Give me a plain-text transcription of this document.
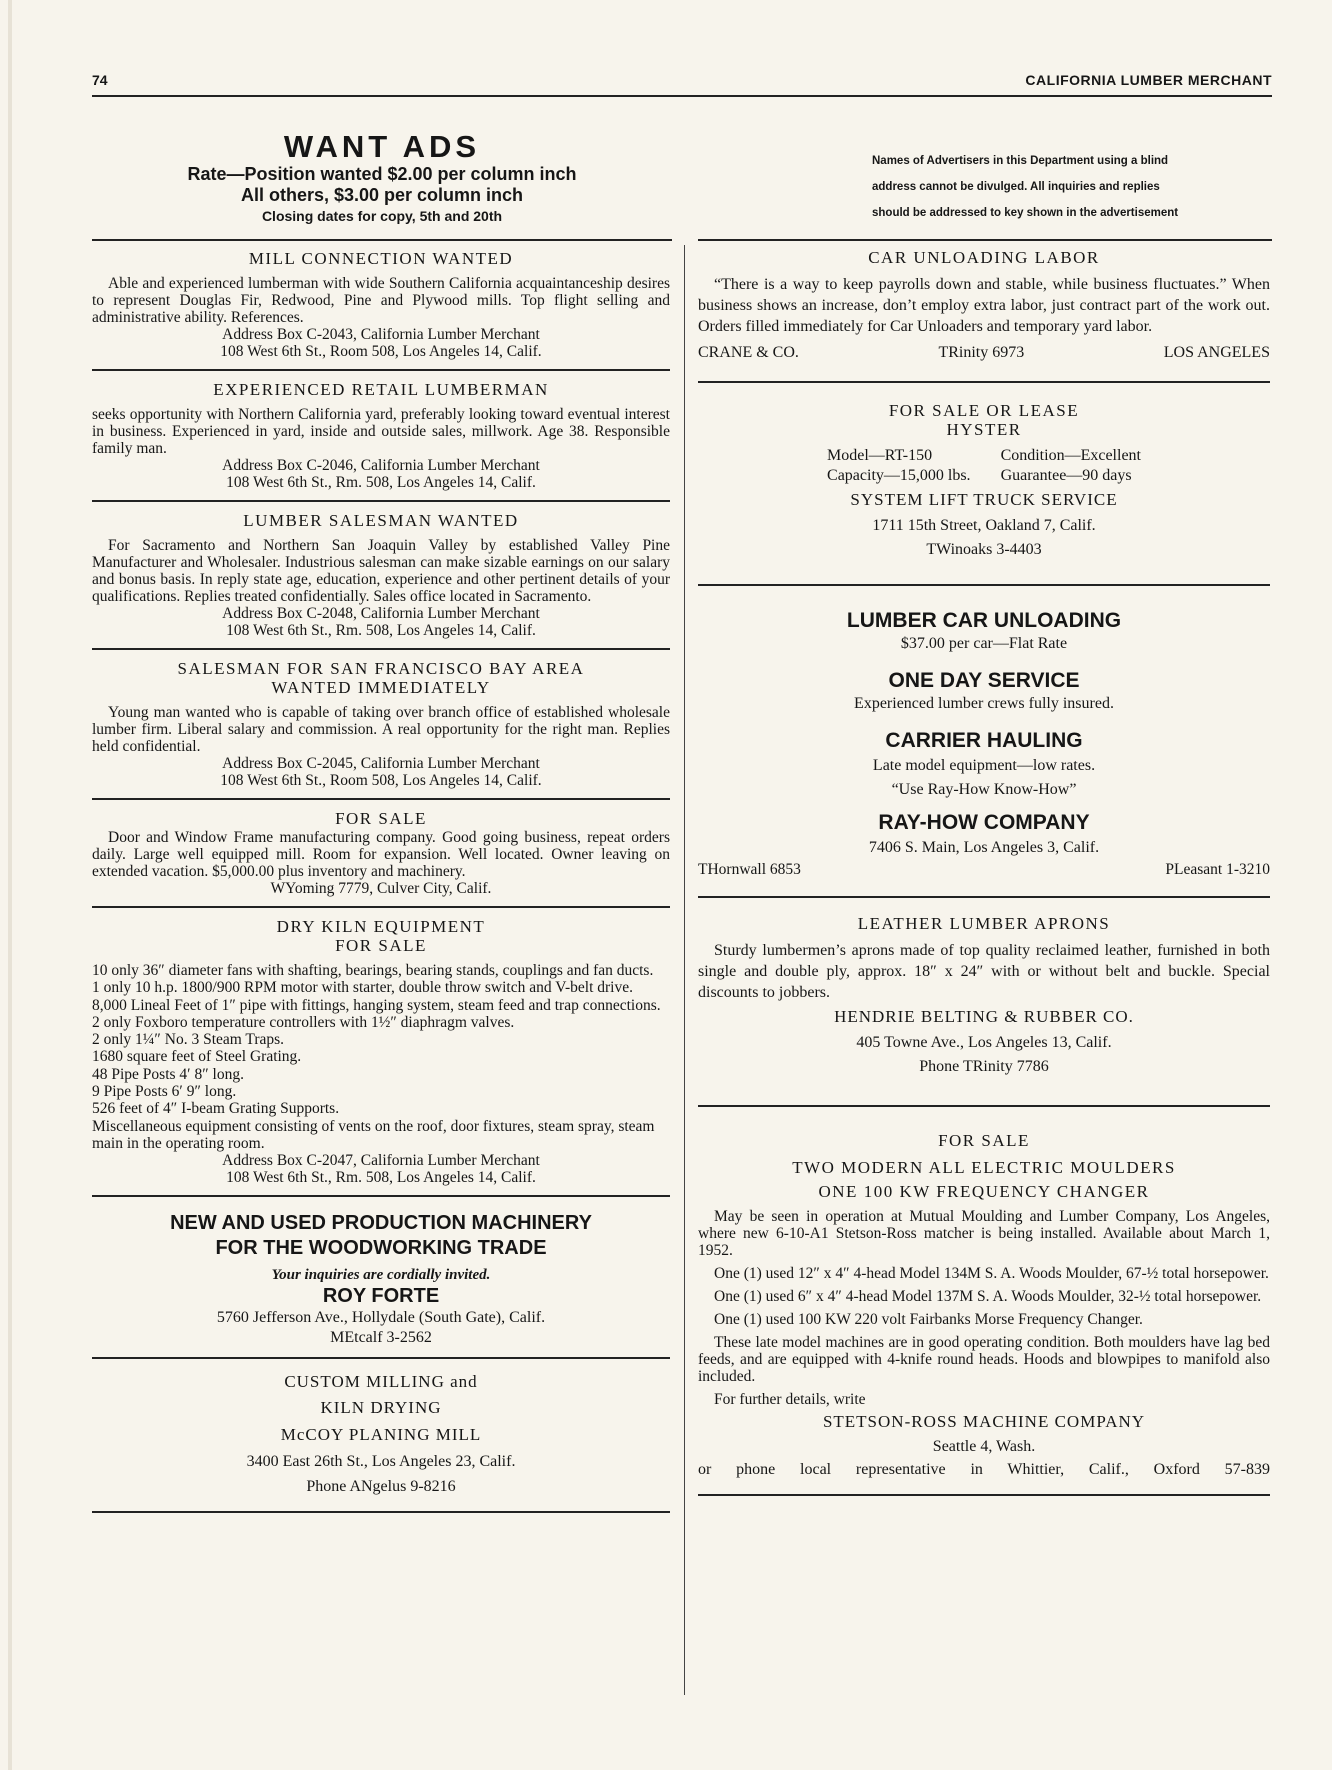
74	CALIFORNIA LUMBER MERCHANT
WANT ADS
Rate—Position wanted $2.00 per column inch
All others, $3.00 per column inch
Closing dates for copy, 5th and 20th
Names of Advertisers in this Department using a blind
address cannot be divulged. All inquiries and replies
should be addressed to key shown in the advertisement
MILL CONNECTION WANTED
Able and experienced lumberman with wide Southern California acquaintanceship desires to represent Douglas Fir, Redwood, Pine and Plywood mills. Top flight selling and administrative ability. References.
Address Box C-2043, California Lumber Merchant
108 West 6th St., Room 508, Los Angeles 14, Calif.
EXPERIENCED RETAIL LUMBERMAN
seeks opportunity with Northern California yard, preferably looking toward eventual interest in business. Experienced in yard, inside and outside sales, millwork. Age 38. Responsible family man.
Address Box C-2046, California Lumber Merchant
108 West 6th St., Rm. 508, Los Angeles 14, Calif.
LUMBER SALESMAN WANTED
For Sacramento and Northern San Joaquin Valley by established Valley Pine Manufacturer and Wholesaler. Industrious salesman can make sizable earnings on our salary and bonus basis. In reply state age, education, experience and other pertinent details of your qualifications. Replies treated confidentially. Sales office located in Sacramento.
Address Box C-2048, California Lumber Merchant
108 West 6th St., Rm. 508, Los Angeles 14, Calif.
SALESMAN FOR SAN FRANCISCO BAY AREA
WANTED IMMEDIATELY
Young man wanted who is capable of taking over branch office of established wholesale lumber firm. Liberal salary and commission. A real opportunity for the right man. Replies held confidential.
Address Box C-2045, California Lumber Merchant
108 West 6th St., Room 508, Los Angeles 14, Calif.
FOR SALE
Door and Window Frame manufacturing company. Good going business, repeat orders daily. Large well equipped mill. Room for expansion. Well located. Owner leaving on extended vacation. $5,000.00 plus inventory and machinery.
WYoming 7779, Culver City, Calif.
DRY KILN EQUIPMENT
FOR SALE
10 only 36″ diameter fans with shafting, bearings, bearing stands, couplings and fan ducts.
1 only 10 h.p. 1800/900 RPM motor with starter, double throw switch and V-belt drive.
8,000 Lineal Feet of 1″ pipe with fittings, hanging system, steam feed and trap connections.
2 only Foxboro temperature controllers with 1½″ diaphragm valves.
2 only 1¼″ No. 3 Steam Traps.
1680 square feet of Steel Grating.
48 Pipe Posts 4′ 8″ long.
9 Pipe Posts 6′ 9″ long.
526 feet of 4″ I-beam Grating Supports.
Miscellaneous equipment consisting of vents on the roof, door fixtures, steam spray, steam main in the operating room.
Address Box C-2047, California Lumber Merchant
108 West 6th St., Rm. 508, Los Angeles 14, Calif.
NEW AND USED PRODUCTION MACHINERY
FOR THE WOODWORKING TRADE
Your inquiries are cordially invited.
ROY FORTE
5760 Jefferson Ave., Hollydale (South Gate), Calif.
MEtcalf 3-2562
CUSTOM MILLING and
KILN DRYING
McCOY PLANING MILL
3400 East 26th St., Los Angeles 23, Calif.
Phone ANgelus 9-8216
CAR UNLOADING LABOR
“There is a way to keep payrolls down and stable, while business fluctuates.” When business shows an increase, don’t employ extra labor, just contract part of the work out. Orders filled immediately for Car Unloaders and temporary yard labor.
CRANE & CO.	TRinity 6973	LOS ANGELES
FOR SALE OR LEASE
HYSTER
Model—RT-150	Condition—Excellent
Capacity—15,000 lbs. Guarantee—90 days
SYSTEM LIFT TRUCK SERVICE
1711 15th Street, Oakland 7, Calif.
TWinoaks 3-4403
LUMBER CAR UNLOADING
$37.00 per car—Flat Rate
ONE DAY SERVICE
Experienced lumber crews fully insured.
CARRIER HAULING
Late model equipment—low rates.
“Use Ray-How Know-How”
RAY-HOW COMPANY
7406 S. Main, Los Angeles 3, Calif.
THornwall 6853	PLeasant 1-3210
LEATHER LUMBER APRONS
Sturdy lumbermen’s aprons made of top quality reclaimed leather, furnished in both single and double ply, approx. 18″ x 24″ with or without belt and buckle. Special discounts to jobbers.
HENDRIE BELTING & RUBBER CO.
405 Towne Ave., Los Angeles 13, Calif.
Phone TRinity 7786
FOR SALE
TWO MODERN ALL ELECTRIC MOULDERS
ONE 100 KW FREQUENCY CHANGER
May be seen in operation at Mutual Moulding and Lumber Company, Los Angeles, where new 6-10-A1 Stetson-Ross matcher is being installed. Available about March 1, 1952.
One (1) used 12″ x 4″ 4-head Model 134M S. A. Woods Moulder, 67-½ total horsepower.
One (1) used 6″ x 4″ 4-head Model 137M S. A. Woods Moulder, 32-½ total horsepower.
One (1) used 100 KW 220 volt Fairbanks Morse Frequency Changer.
These late model machines are in good operating condition. Both moulders have lag bed feeds, and are equipped with 4-knife round heads. Hoods and blowpipes to manifold also included.
For further details, write
STETSON-ROSS MACHINE COMPANY
Seattle 4, Wash.
or phone local representative in Whittier, Calif., Oxford 57-839
